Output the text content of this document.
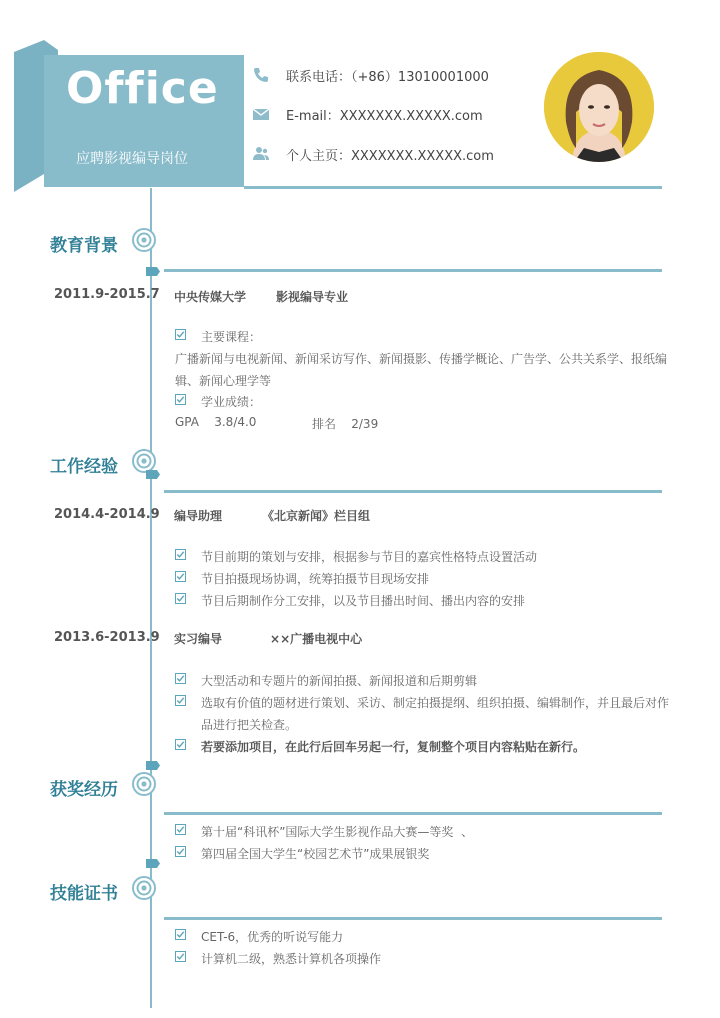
Office
应聘影视编导岗位
联系电话：（+86）13010001000
E-mail：XXXXXXX.XXXXX.com
个人主页：XXXXXXX.XXXXX.com
教育背景
2011.9-2015.7 中央传媒大学	影视编导专业
主要课程：
广播新闻与电视新闻、新闻采访写作、新闻摄影、传播学概论、广告学、公共关系学、报纸编
辑、新闻心理学等
学业成绩：
GPA    3.8/4.0	排名    2/39
工作经验
2014.4-2014.9 编导助理	《北京新闻》栏目组
节目前期的策划与安排，根据参与节目的嘉宾性格特点设置活动
节目拍摄现场协调，统筹拍摄节目现场安排
节目后期制作分工安排，以及节目播出时间、播出内容的安排
2013.6-2013.9 实习编导	××广播电视中心
大型活动和专题片的新闻拍摄、新闻报道和后期剪辑
选取有价值的题材进行策划、采访、制定拍摄提纲、组织拍摄、编辑制作，并且最后对作
品进行把关检查。
若要添加项目，在此行后回车另起一行，复制整个项目内容粘贴在新行。
获奖经历
第十届“科讯杯”国际大学生影视作品大赛—等奖  、
第四届全国大学生“校园艺术节”成果展银奖
技能证书
CET-6，优秀的听说写能力
计算机二级，熟悉计算机各项操作
